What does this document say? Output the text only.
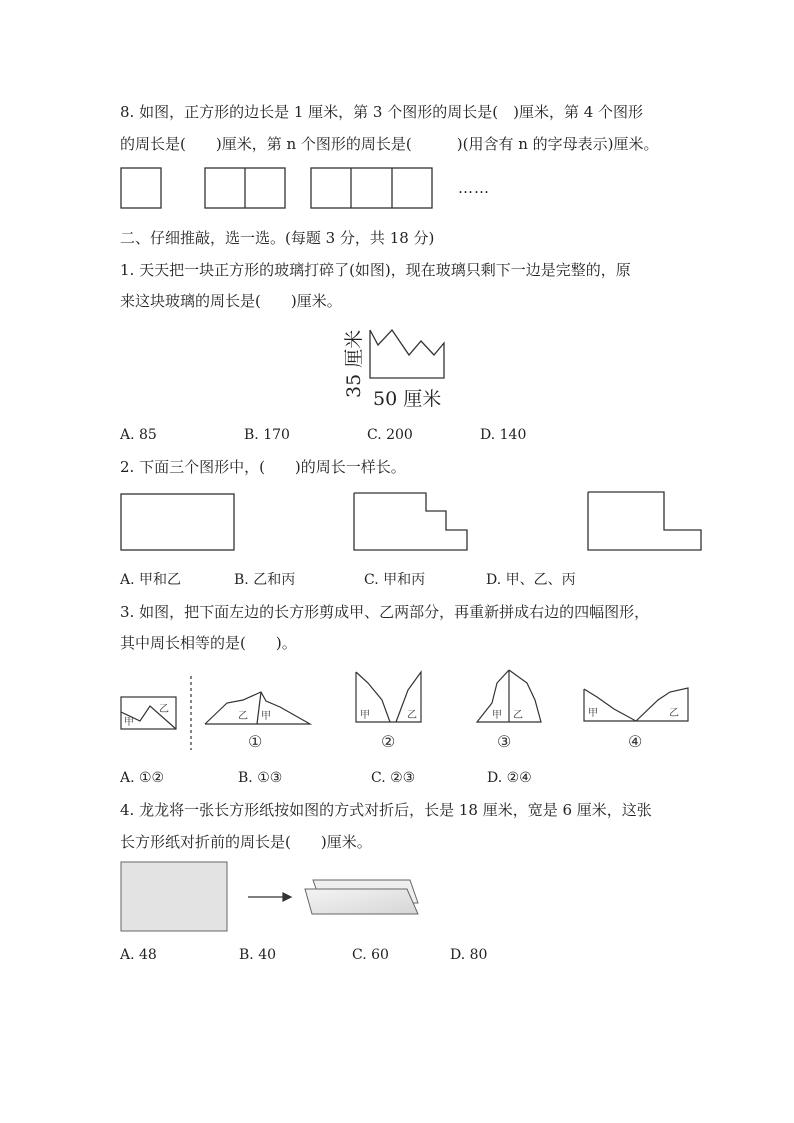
8. 如图，正方形的边长是 1 厘米，第 3 个图形的周长是(　)厘米，第 4 个图形
的周长是(　　)厘米，第 n 个图形的周长是(　　　)(用含有 n 的字母表示)厘米。
……
二、仔细推敲，选一选。(每题 3 分，共 18 分)
1. 天天把一块正方形的玻璃打碎了(如图)，现在玻璃只剩下一边是完整的，原
来这块玻璃的周长是(　　)厘米。
35 厘米
50 厘米
A. 85	B. 170	C. 200	D. 140
2. 下面三个图形中，(　　)的周长一样长。
A. 甲和乙	B. 乙和丙	C. 甲和丙	D. 甲、乙、丙
3. 如图，把下面左边的长方形剪成甲、乙两部分，再重新拼成右边的四幅图形，
其中周长相等的是(　　)。
甲
乙
乙 甲	甲	乙	甲 乙	甲	乙
①	②	③	④
A. ①②	B. ①③	C. ②③	D. ②④
4. 龙龙将一张长方形纸按如图的方式对折后，长是 18 厘米，宽是 6 厘米，这张
长方形纸对折前的周长是(　　)厘米。
A. 48	B. 40	C. 60	D. 80
